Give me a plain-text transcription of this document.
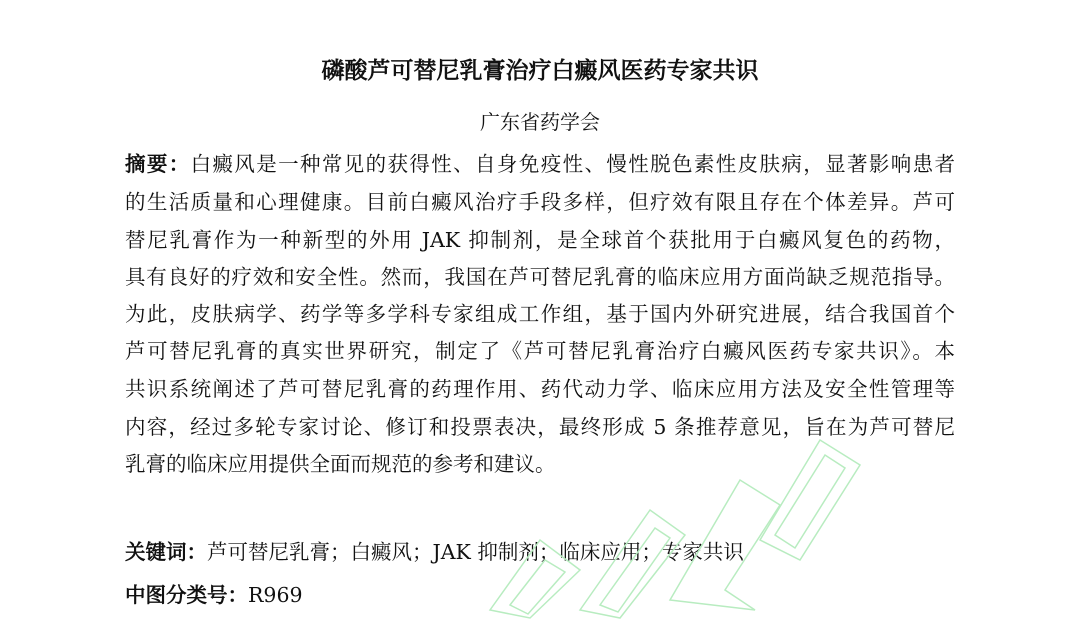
磷酸芦可替尼乳膏治疗白癜风医药专家共识
广东省药学会
摘要：白癜风是一种常见的获得性、自身免疫性、慢性脱色素性皮肤病，显著影响患者
的生活质量和心理健康。目前白癜风治疗手段多样，但疗效有限且存在个体差异。芦可
替尼乳膏作为一种新型的外用 JAK 抑制剂，是全球首个获批用于白癜风复色的药物，
具有良好的疗效和安全性。然而，我国在芦可替尼乳膏的临床应用方面尚缺乏规范指导。
为此，皮肤病学、药学等多学科专家组成工作组，基于国内外研究进展，结合我国首个
芦可替尼乳膏的真实世界研究，制定了《芦可替尼乳膏治疗白癜风医药专家共识》。本
共识系统阐述了芦可替尼乳膏的药理作用、药代动力学、临床应用方法及安全性管理等
内容，经过多轮专家讨论、修订和投票表决，最终形成 5 条推荐意见，旨在为芦可替尼
乳膏的临床应用提供全面而规范的参考和建议。
关键词：芦可替尼乳膏；白癜风；JAK 抑制剂；临床应用；专家共识
中图分类号：R969
